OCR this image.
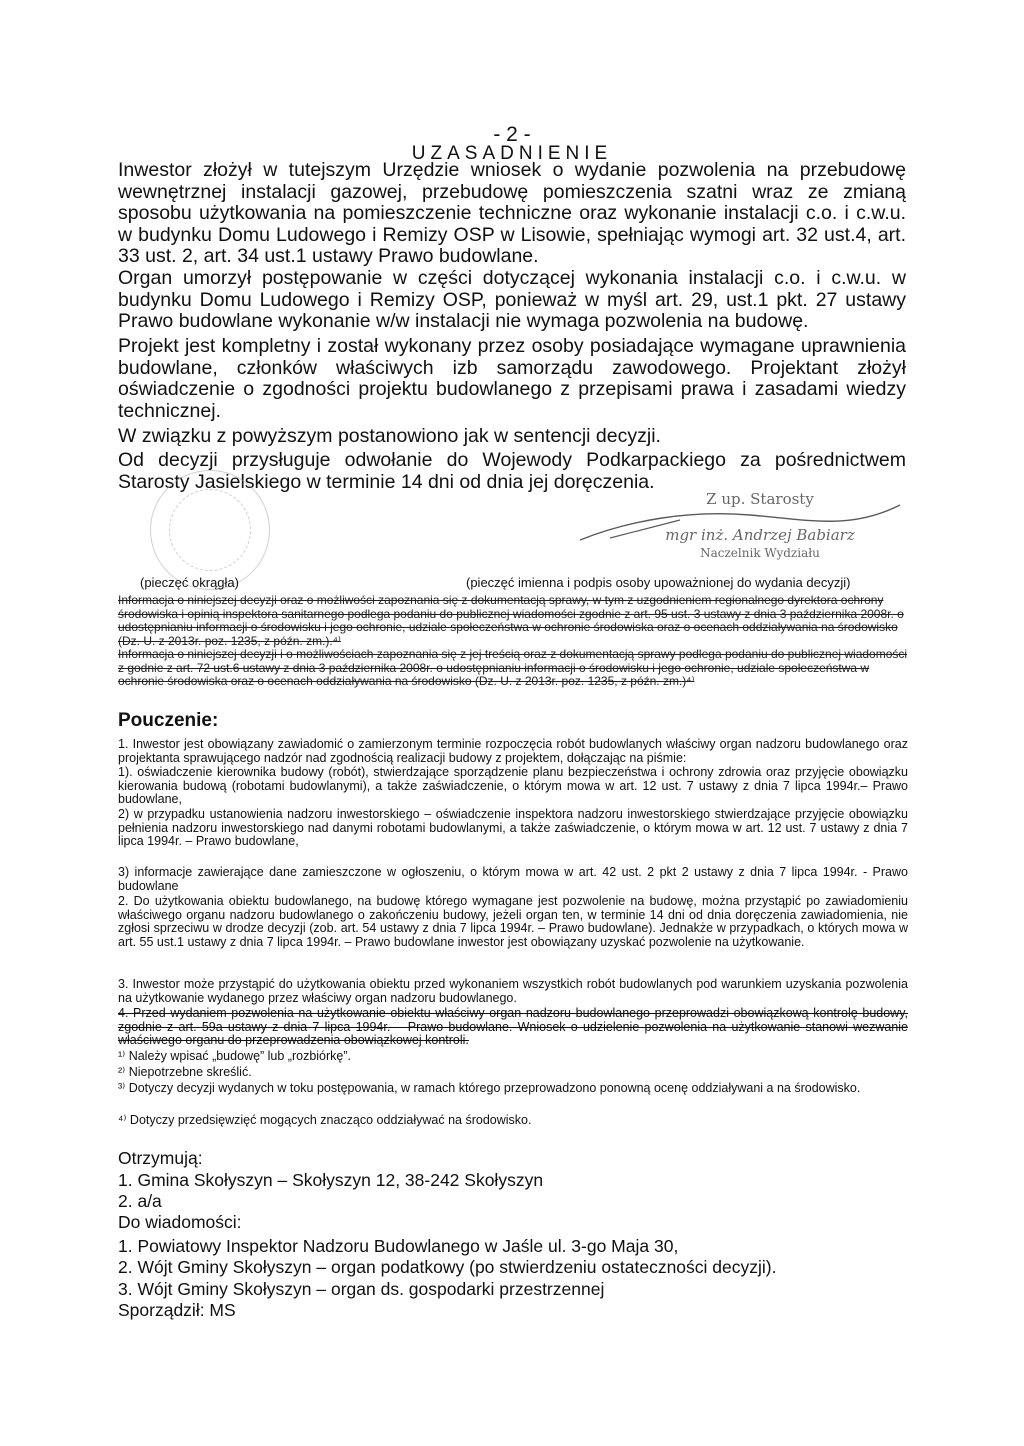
- 2 -
UZASADNIENIE

Inwestor złożył w tutejszym Urzędzie wniosek o wydanie pozwolenia na przebudowę wewnętrznej instalacji gazowej, przebudowę pomieszczenia szatni wraz ze zmianą sposobu użytkowania na pomieszczenie techniczne oraz wykonanie instalacji c.o. i c.w.u. w budynku Domu Ludowego i Remizy OSP w Lisowie, spełniając wymogi art. 32 ust.4, art. 33 ust. 2, art. 34 ust.1 ustawy Prawo budowlane.

Organ umorzył postępowanie w części dotyczącej wykonania instalacji c.o. i c.w.u. w budynku Domu Ludowego i Remizy OSP, ponieważ w myśl art. 29, ust.1 pkt. 27 ustawy Prawo budowlane wykonanie w/w instalacji nie wymaga pozwolenia na budowę.

Projekt jest kompletny i został wykonany przez osoby posiadające wymagane uprawnienia budowlane, członków właściwych izb samorządu zawodowego. Projektant złożył oświadczenie o zgodności projektu budowlanego z przepisami prawa i zasadami wiedzy technicznej.

W związku z powyższym postanowiono jak w sentencji decyzji.

Od decyzji przysługuje odwołanie do Wojewody Podkarpackiego za pośrednictwem Starosty Jasielskiego w terminie 14 dni od dnia jej doręczenia.

(pieczęć okrągła)
Z up. Starosty
mgr inż. Andrzej Babiarz
Naczelnik Wydziału
(pieczęć imienna i podpis osoby upoważnionej do wydania decyzji)

Informacja o niniejszej decyzji oraz o możliwości zapoznania się z dokumentacją sprawy, w tym z uzgodnieniem regionalnego dyrektora ochrony środowiska i opinią inspektora sanitarnego podlega podaniu do publicznej wiadomości zgodnie z art. 95 ust. 3 ustawy z dnia 3 października 2008r. o udostępnianiu informacji o środowisku i jego ochronie, udziale społeczeństwa w ochronie środowiska oraz o ocenach oddziaływania na środowisko (Dz. U. z 2013r. poz. 1235, z późn. zm.).⁴⁾

Informacja o niniejszej decyzji i o możliwościach zapoznania się z jej treścią oraz z dokumentacją sprawy podlega podaniu do publicznej wiadomości z godnie z art. 72 ust.6 ustawy z dnia 3 października 2008r. o udostępnianiu informacji o środowisku i jego ochronie, udziale społeczeństwa w ochronie środowiska oraz o ocenach oddziaływania na środowisko (Dz. U. z 2013r. poz. 1235, z późn. zm.)⁴⁾

Pouczenie:

1. Inwestor jest obowiązany zawiadomić o zamierzonym terminie rozpoczęcia robót budowlanych właściwy organ nadzoru budowlanego oraz projektanta sprawującego nadzór nad zgodnością realizacji budowy z projektem, dołączając na piśmie:

1). oświadczenie kierownika budowy (robót), stwierdzające sporządzenie planu bezpieczeństwa i ochrony zdrowia oraz przyjęcie obowiązku kierowania budową (robotami budowlanymi), a także zaświadczenie, o którym mowa w art. 12 ust. 7 ustawy z dnia 7 lipca 1994r.– Prawo budowlane,

2) w przypadku ustanowienia nadzoru inwestorskiego – oświadczenie inspektora nadzoru inwestorskiego stwierdzające przyjęcie obowiązku pełnienia nadzoru inwestorskiego nad danymi robotami budowlanymi, a także zaświadczenie, o którym mowa w art. 12 ust. 7 ustawy z dnia 7 lipca 1994r. – Prawo budowlane,

3) informacje zawierające dane zamieszczone w ogłoszeniu, o którym mowa w art. 42 ust. 2 pkt 2 ustawy z dnia 7 lipca 1994r. - Prawo budowlane

2. Do użytkowania obiektu budowlanego, na budowę którego wymagane jest pozwolenie na budowę, można przystąpić po zawiadomieniu właściwego organu nadzoru budowlanego o zakończeniu budowy, jeżeli organ ten, w terminie 14 dni od dnia doręczenia zawiadomienia, nie zgłosi sprzeciwu w drodze decyzji (zob. art. 54 ustawy z dnia 7 lipca 1994r. – Prawo budowlane). Jednakże w przypadkach, o których mowa w art. 55 ust.1 ustawy z dnia 7 lipca 1994r. – Prawo budowlane inwestor jest obowiązany uzyskać pozwolenie na użytkowanie.

3. Inwestor może przystąpić do użytkowania obiektu przed wykonaniem wszystkich robót budowlanych pod warunkiem uzyskania pozwolenia na użytkowanie wydanego przez właściwy organ nadzoru budowlanego.

4. Przed wydaniem pozwolenia na użytkowanie obiektu właściwy organ nadzoru budowlanego przeprowadzi obowiązkową kontrolę budowy, zgodnie z art. 59a ustawy z dnia 7 lipca 1994r. – Prawo budowlane. Wniosek o udzielenie pozwolenia na użytkowanie stanowi wezwanie właściwego organu do przeprowadzenia obowiązkowej kontroli.

¹⁾ Należy wpisać „budowę” lub „rozbiórkę”.

²⁾ Niepotrzebne skreślić.

³⁾ Dotyczy decyzji wydanych w toku postępowania, w ramach którego przeprowadzono ponowną ocenę oddziaływani a na środowisko.

⁴⁾ Dotyczy przedsięwzięć mogących znacząco oddziaływać na środowisko.

Otrzymują:

1. Gmina Skołyszyn – Skołyszyn 12, 38-242 Skołyszyn

2. a/a

Do wiadomości:

1. Powiatowy Inspektor Nadzoru Budowlanego w Jaśle ul. 3-go Maja 30,

2. Wójt Gminy Skołyszyn – organ podatkowy (po stwierdzeniu ostateczności decyzji).

3. Wójt Gminy Skołyszyn – organ ds. gospodarki przestrzennej

Sporządził: MS
